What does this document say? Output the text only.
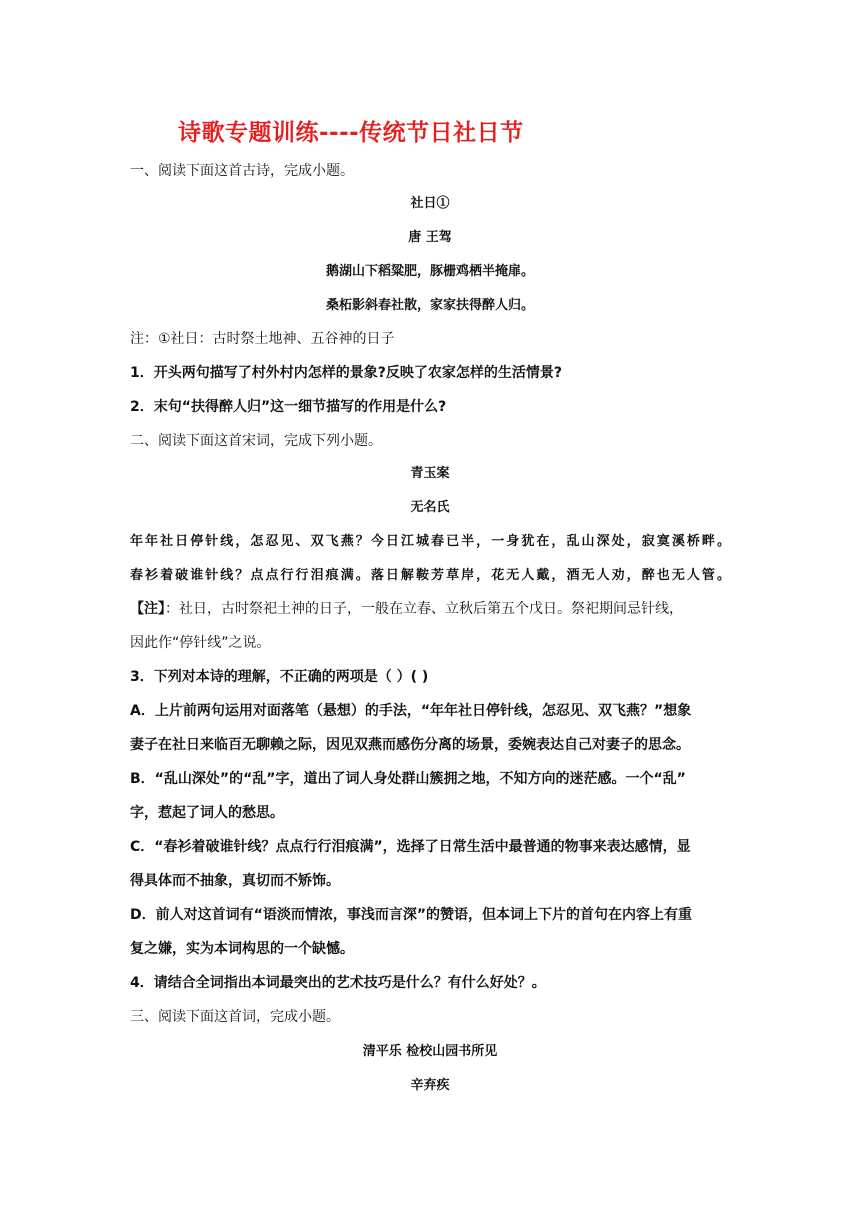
诗歌专题训练----传统节日社日节
一、阅读下面这首古诗，完成小题。
社日①
唐 王驾
鹅湖山下稻粱肥，豚栅鸡栖半掩扉。
桑柘影斜春社散，家家扶得醉人归。
注：①社日：古时祭土地神、五谷神的日子
1．开头两句描写了村外村内怎样的景象?反映了农家怎样的生活情景?
2．末句“扶得醉人归”这一细节描写的作用是什么?
二、阅读下面这首宋词，完成下列小题。
青玉案
无名氏
年年社日停针线，怎忍见、双飞燕？今日江城春已半，一身犹在，乱山深处，寂寞溪桥畔。
春衫着破谁针线？点点行行泪痕满。落日解鞍芳草岸，花无人戴，酒无人劝，醉也无人管。
【注】：社日，古时祭祀土神的日子，一般在立春、立秋后第五个戊日。祭祀期间忌针线，
因此作“停针线”之说。
3．下列对本诗的理解，不正确的两项是（ ）( )
A．上片前两句运用对面落笔（悬想）的手法，“年年社日停针线，怎忍见、双飞燕？”想象
妻子在社日来临百无聊赖之际，因见双燕而感伤分离的场景，委婉表达自己对妻子的思念。
B．“乱山深处”的“乱”字，道出了词人身处群山簇拥之地，不知方向的迷茫感。一个“乱”
字，惹起了词人的愁思。
C．“春衫着破谁针线？点点行行泪痕满”，选择了日常生活中最普通的物事来表达感情，显
得具体而不抽象，真切而不矫饰。
D．前人对这首词有“语淡而情浓，事浅而言深”的赞语，但本词上下片的首句在内容上有重
复之嫌，实为本词构思的一个缺憾。
4．请结合全词指出本词最突出的艺术技巧是什么？有什么好处？。
三、阅读下面这首词，完成小题。
清平乐 检校山园书所见
辛弃疾
